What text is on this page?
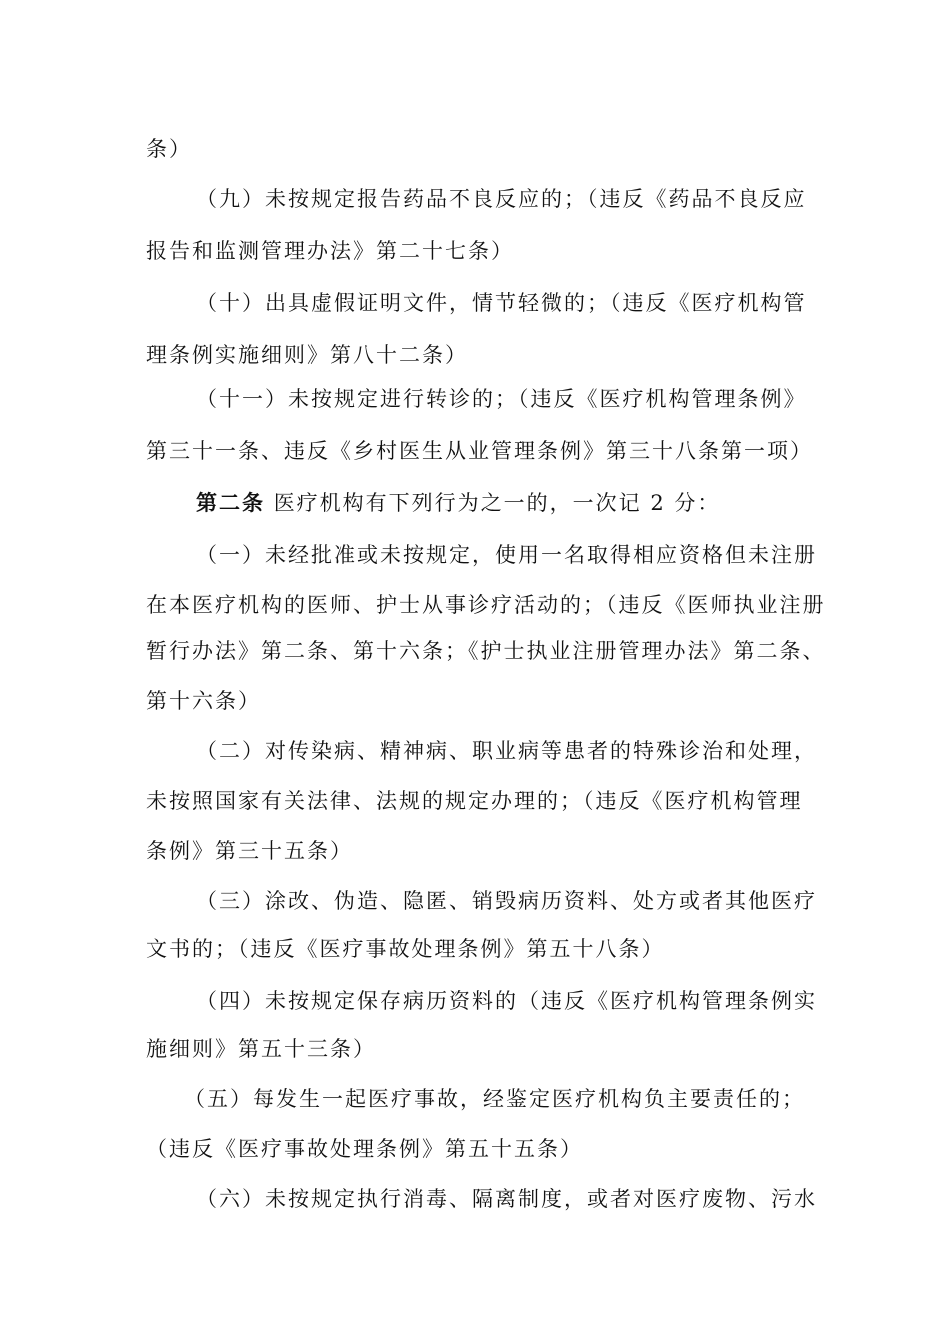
条）
（九）未按规定报告药品不良反应的；（违反《药品不良反应
报告和监测管理办法》第二十七条）
（十）出具虚假证明文件，情节轻微的；（违反《医疗机构管
理条例实施细则》第八十二条）
（十一）未按规定进行转诊的；（违反《医疗机构管理条例》
第三十一条、违反《乡村医生从业管理条例》第三十八条第一项）
第二条 医疗机构有下列行为之一的，一次记 2 分：
（一）未经批准或未按规定，使用一名取得相应资格但未注册
在本医疗机构的医师、护士从事诊疗活动的；（违反《医师执业注册
暂行办法》第二条、第十六条；《护士执业注册管理办法》第二条、
第十六条）
（二）对传染病、精神病、职业病等患者的特殊诊治和处理，
未按照国家有关法律、法规的规定办理的；（违反《医疗机构管理
条例》第三十五条）
（三）涂改、伪造、隐匿、销毁病历资料、处方或者其他医疗
文书的；（违反《医疗事故处理条例》第五十八条）
（四）未按规定保存病历资料的（违反《医疗机构管理条例实
施细则》第五十三条）
（五）每发生一起医疗事故，经鉴定医疗机构负主要责任的；
（违反《医疗事故处理条例》第五十五条）
（六）未按规定执行消毒、隔离制度，或者对医疗废物、污水
